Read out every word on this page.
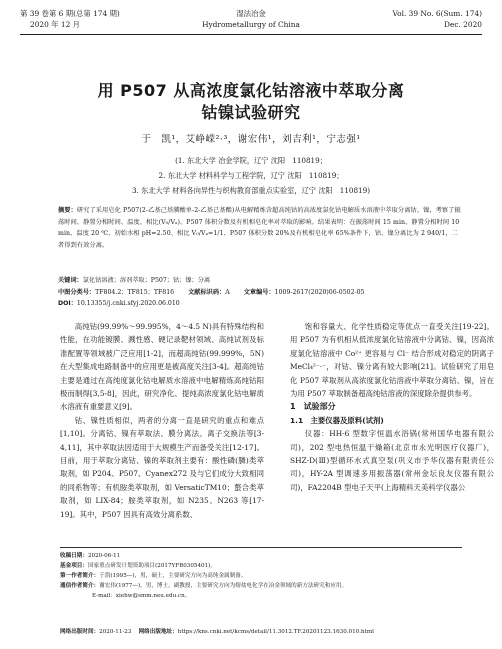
第 39 卷第 6 期(总第 174 期)
2020 年 12 月
湿法冶金
Hydrometallurgy of China
Vol. 39 No. 6(Sum. 174)
Dec. 2020
用 P507 从高浓度氯化钴溶液中萃取分离
钴镍试验研究
于　凯¹，艾峥嵘²·³，谢宏伟¹，刘吉利¹，宁志强¹
(1. 东北大学 冶金学院，辽宁 沈阳　110819；
2. 东北大学 材料科学与工程学院，辽宁 沈阳　110819；
3. 东北大学 材料各向异性与织构教育部重点实验室，辽宁 沈阳　110819)
摘要：研究了采用皂化 P507(2-乙基己基膦酸单-2-乙基己基酯)从电解精炼含超高纯钴的高浓度氯化钴电解质水溶液中萃取分离钴、镍，考察了振荡时间、静置分相时间、温度、相比(V₀/Vₐ)、P507 体积分数及有机相皂化率对萃取的影响。结果表明：在振荡时间 15 min、静置分相时间 10 min、温度 20 ℃、初始水相 pH=2.50、相比 V₀/Vₐ=1/1、P507 体积分数 20%及有机相皂化率 65%条件下，钴、镍分离比为 2 940/1，二者得到有效分离。
关键词：氯化钴溶液；溶剂萃取；P507；钴；镍；分离
中图分类号：TF804.2；TF815；TF816 文献标识码：A 文章编号：1009-2617(2020)06-0502-05
DOI：10.13355/j.cnki.sfyj.2020.06.010

高纯钴(99.99%～99.995%，4～4.5 N)具有特殊结构和性能，在功能镀膜、溅性感、硬记录靶材领域、高纯试剂及标准配置等领域被广泛应用[1-2]，而超高纯钴(99.999%，5N)在大型集成电路制备中的应用更是被高度关注[3-4]。超高纯钴主要是通过在高纯度氯化钴电解质水溶液中电解精炼高纯钴阳极而制得[3,5-8]，因此，研究净化、提纯高浓度氯化钴电解质水溶液有重要意义[9]。

钴、镍性质相似，两者的分离一直是研究的重点和难点[1,10]。分离钴、镍有萃取法、膜分离法、离子交换法等[3-4,11]，其中萃取法因适用于大规模生产而备受关注[12-17]。目前，用于萃取分离钴、镍的萃取剂主要有：酸性磷(膦)类萃取剂，如 P204、P507、Cyanex272 及与它们成分大致相同的同系物等；有机胺类萃取剂，如 VersaticTM10；螯合类萃取剂，如 LIX-84；胺类萃取剂，如 N235、N263 等[17-19]。其中，P507 因具有高效分离系数、

饱和容量大、化学性质稳定等优点一直受关注[19-22]。用 P507 为有机相从低浓度氯化钴溶液中分离钴、镍，因高浓度氯化钴溶液中 Co²⁺ 更容易与 Cl⁻ 结合形成对稳定的阴离子 MeCl₄²⁻·⁻，对钴、镍分离有较大影响[21]。试验研究了用皂化 P507 萃取剂从高浓度氯化钴溶液中萃取分离钴、镍，旨在为用 P507 萃取制备超高纯钴溶液的深度除杂提供参考。

1　试验部分

1.1　主要仪器及原料(试剂)

仪器：HH-6 型数字恒温水浴锅(常州国华电器有限公司)，202 型电热恒温干燥箱(北京市永光明医疗仪器厂)，SHZ-D(Ⅲ)型循环水式真空泵(巩义市予华仪器有限责任公司)，HY-2A 型调速多用振荡器(常州金坛良友仪器有限公司)，FA2204B 型电子天平(上海精科天美科学仪器公

收稿日期：2020-06-11
基金项目：国家重点研发计划资助项目(2017YFB0305401)。
第一作者简介：于凯(1995—)，男，硕士，主要研究方向为高纯金属制备。
通信作者简介：谢宏伟(1977—)，男，博士，副教授，主要研究方向为熔盐电化学在冶金领域的新方法研究和应用。
E-mail：xiehw@smm.neu.edu.cn。
网络出版时间：2020-11-23 网络出版地址：https://kns.cnki.net/kcms/detail/11.3012.TF.20201123.1630.010.html
